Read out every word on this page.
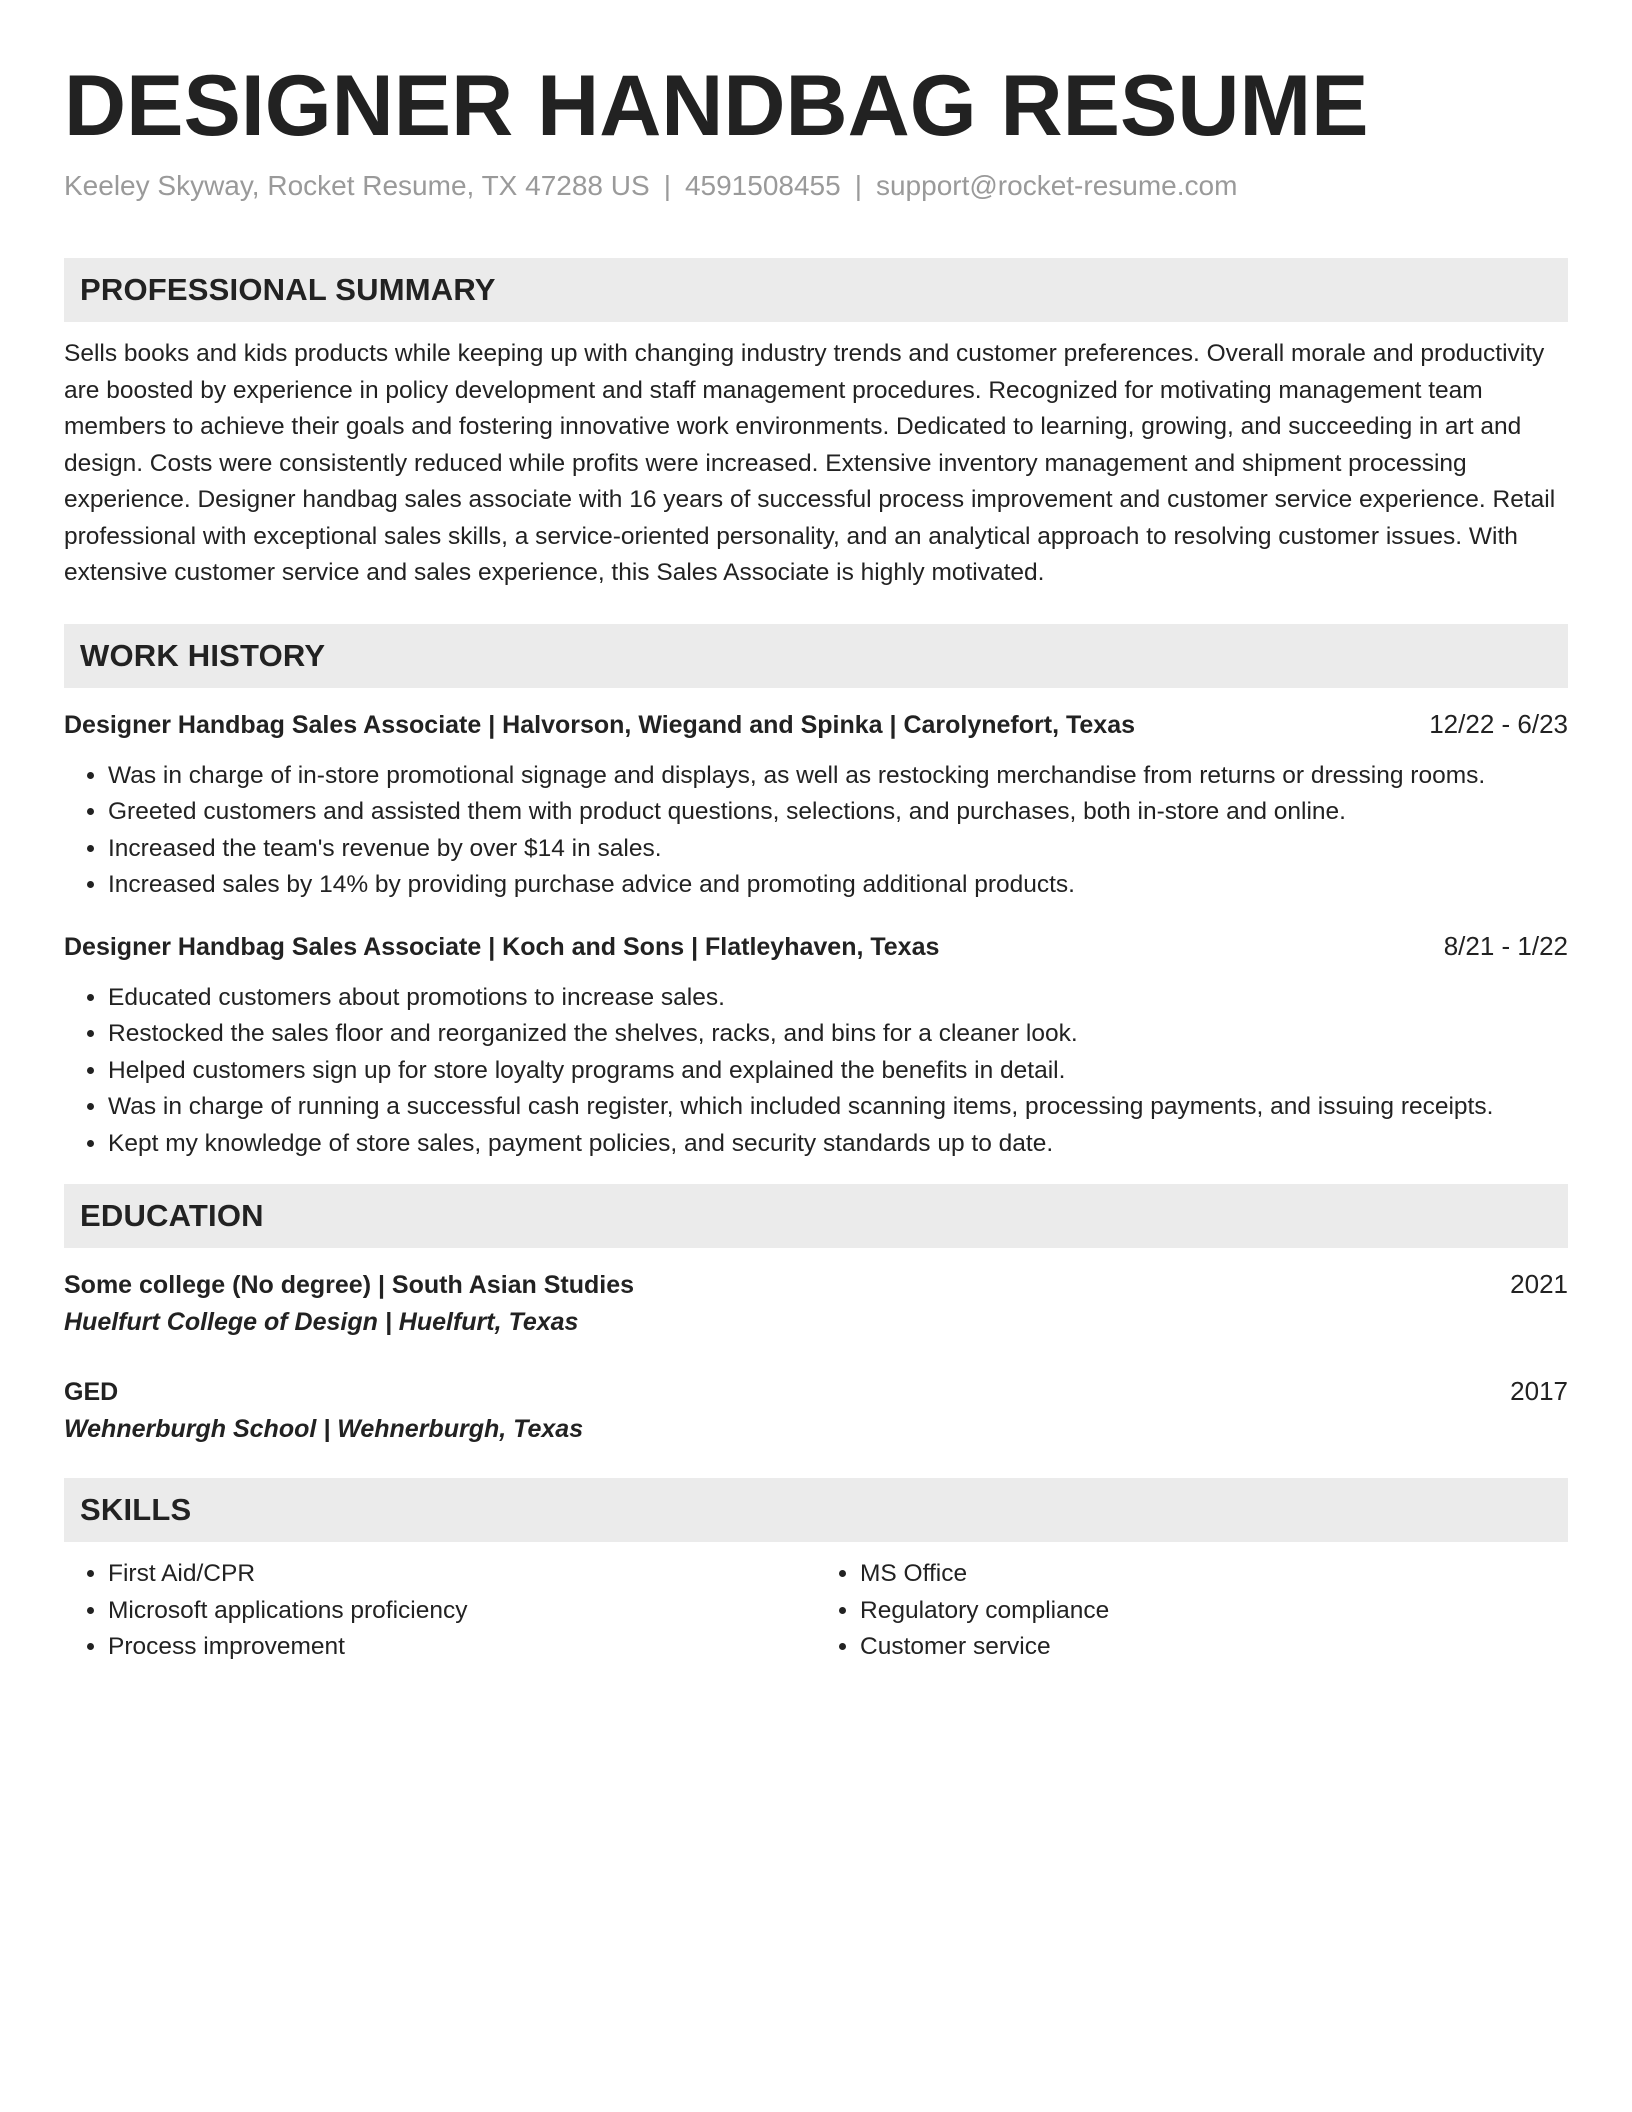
DESIGNER HANDBAG RESUME
Keeley Skyway, Rocket Resume, TX 47288 US | 4591508455 | support@rocket-resume.com
PROFESSIONAL SUMMARY

Sells books and kids products while keeping up with changing industry trends and customer preferences. Overall morale and productivity are boosted by experience in policy development and staff management procedures. Recognized for motivating management team members to achieve their goals and fostering innovative work environments. Dedicated to learning, growing, and succeeding in art and design. Costs were consistently reduced while profits were increased. Extensive inventory management and shipment processing experience. Designer handbag sales associate with 16 years of successful process improvement and customer service experience. Retail professional with exceptional sales skills, a service-oriented personality, and an analytical approach to resolving customer issues. With extensive customer service and sales experience, this Sales Associate is highly motivated.

WORK HISTORY
Designer Handbag Sales Associate | Halvorson, Wiegand and Spinka | Carolynefort, Texas	12/22 - 6/23
• Was in charge of in-store promotional signage and displays, as well as restocking merchandise from returns or dressing rooms.
• Greeted customers and assisted them with product questions, selections, and purchases, both in-store and online.
• Increased the team's revenue by over $14 in sales.
• Increased sales by 14% by providing purchase advice and promoting additional products.
Designer Handbag Sales Associate | Koch and Sons | Flatleyhaven, Texas	8/21 - 1/22
• Educated customers about promotions to increase sales.
• Restocked the sales floor and reorganized the shelves, racks, and bins for a cleaner look.
• Helped customers sign up for store loyalty programs and explained the benefits in detail.
• Was in charge of running a successful cash register, which included scanning items, processing payments, and issuing receipts.
• Kept my knowledge of store sales, payment policies, and security standards up to date.
EDUCATION
Some college (No degree) | South Asian Studies	2021
Huelfurt College of Design | Huelfurt, Texas
GED	2017
Wehnerburgh School | Wehnerburgh, Texas
SKILLS
• First Aid/CPR
• Microsoft applications proficiency
• Process improvement
• MS Office
• Regulatory compliance
• Customer service
